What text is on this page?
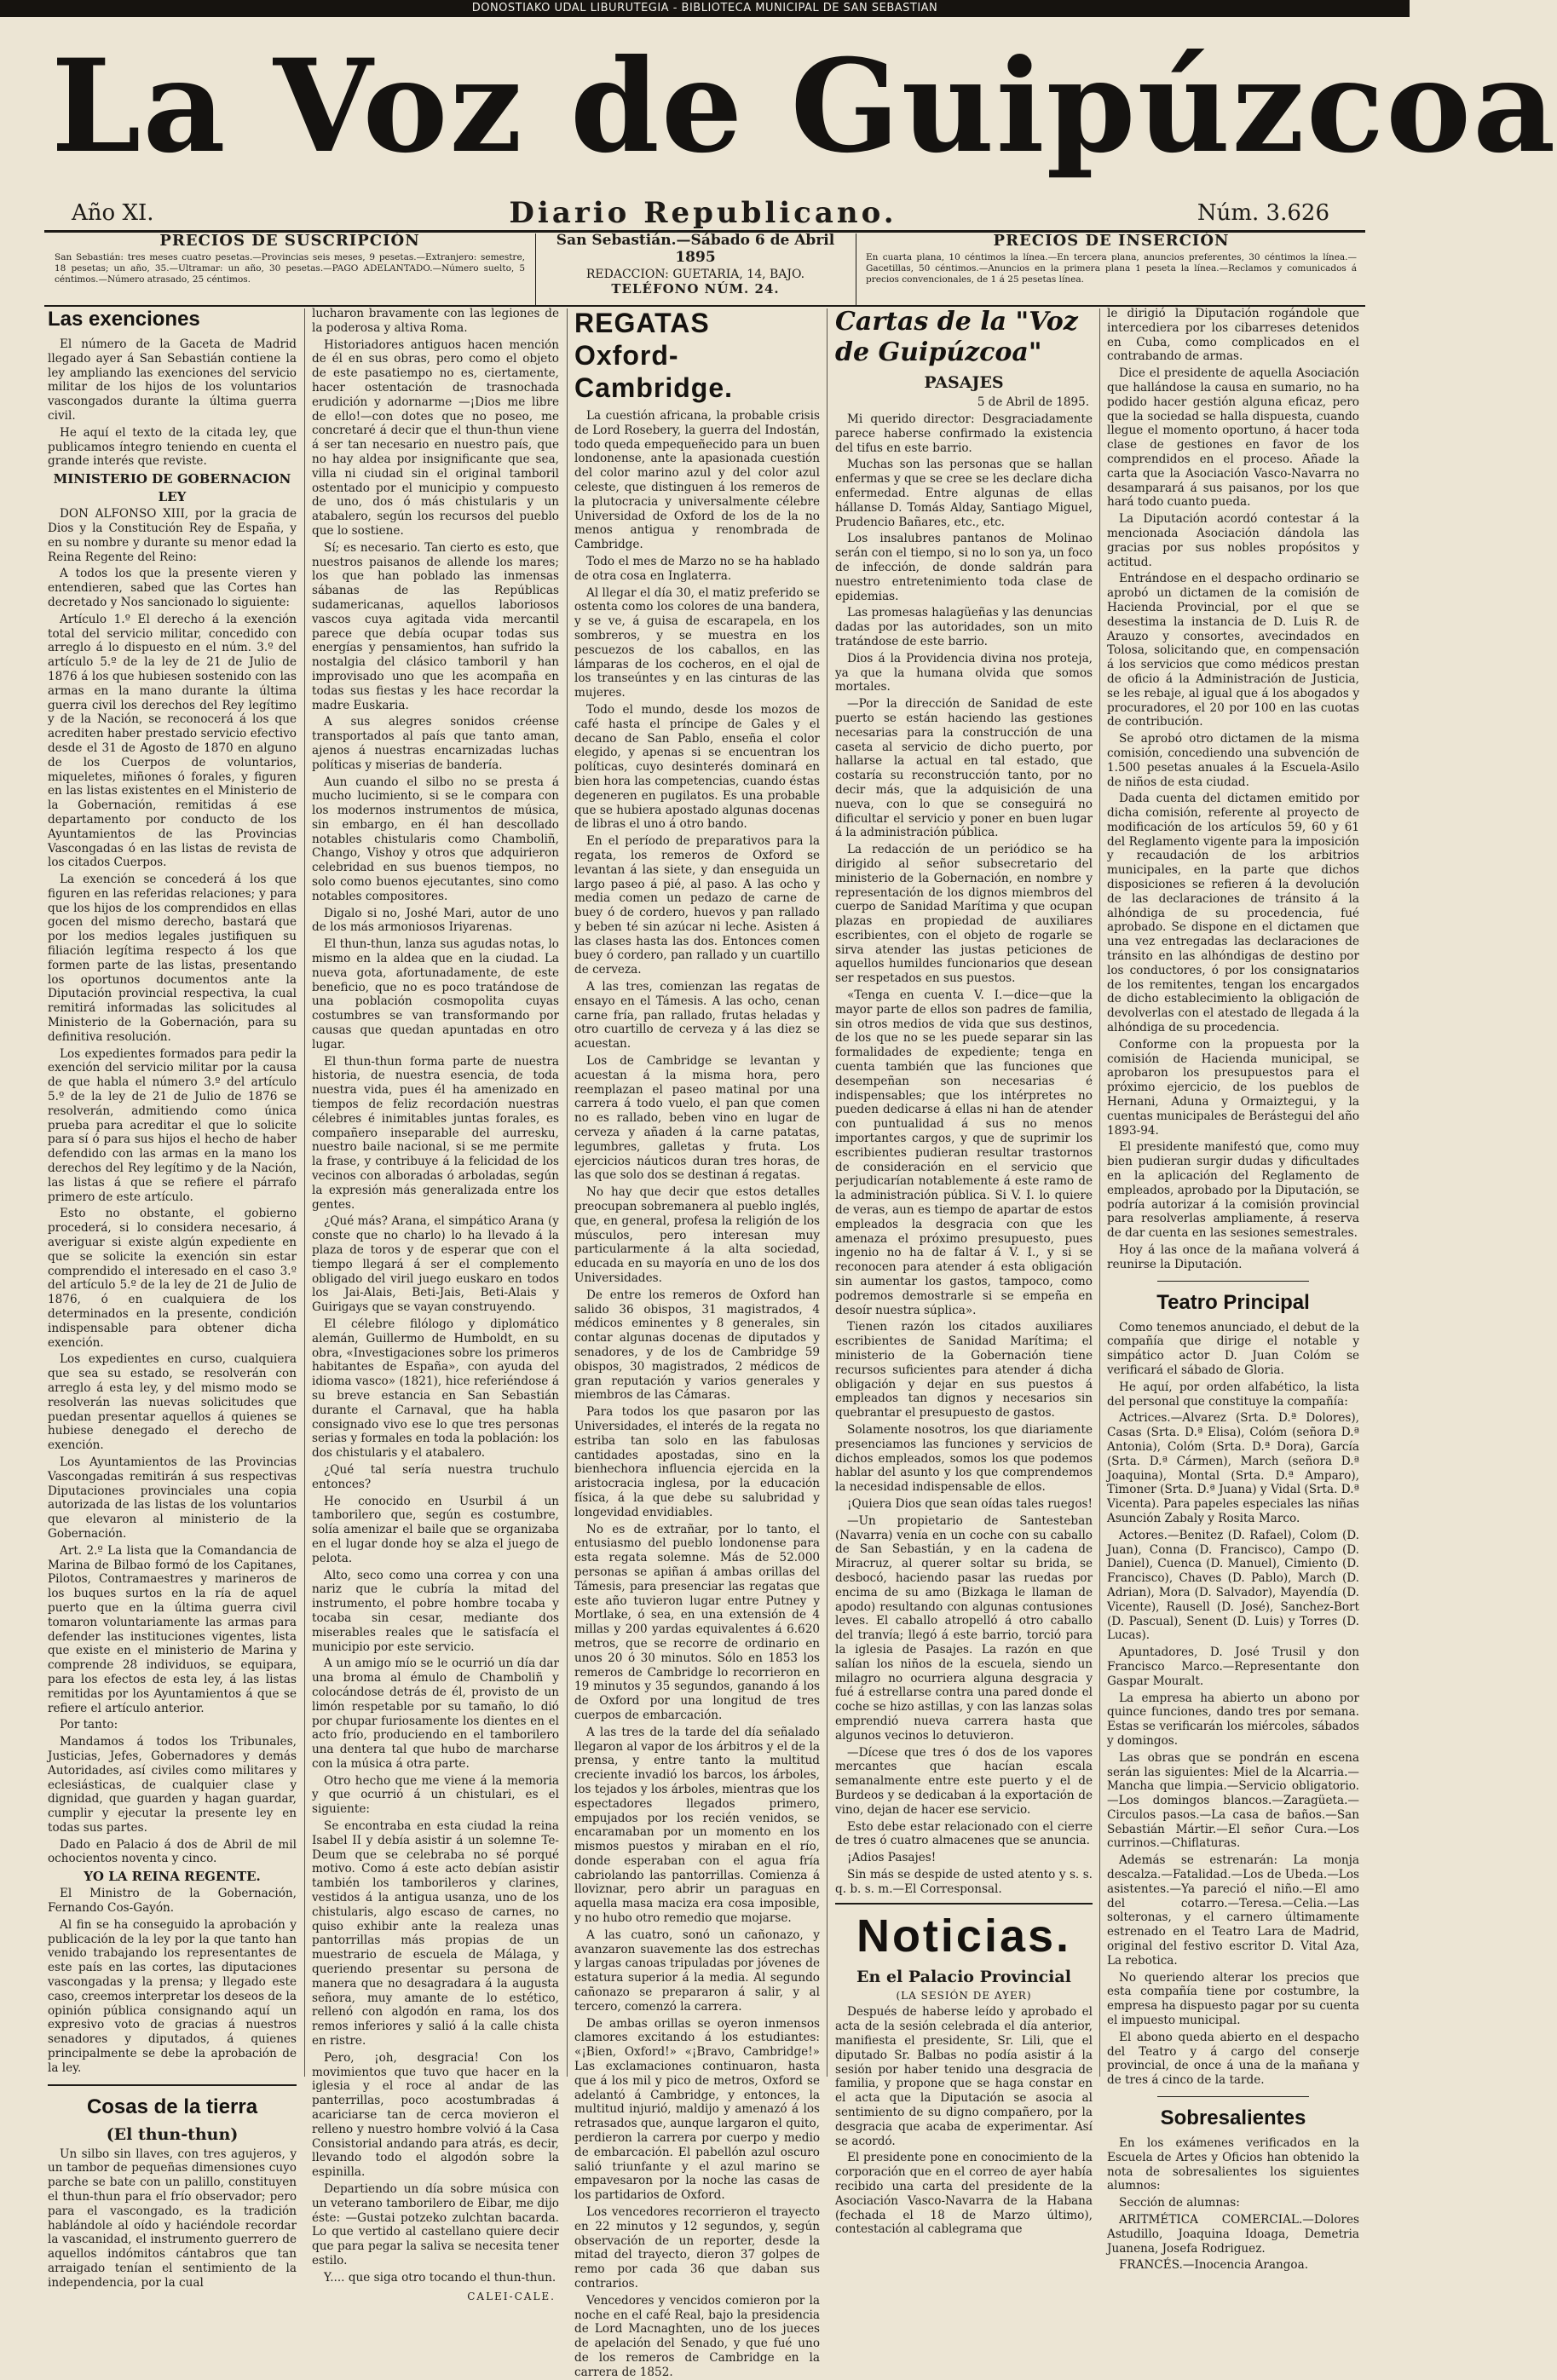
DONOSTIAKO UDAL LIBURUTEGIA - BIBLIOTECA MUNICIPAL DE SAN SEBASTIAN
La Voz de Guipúzcoa
Año XI.	Diario Republicano.	Núm. 3.626
PRECIOS DE SUSCRIPCIÓN
San Sebastián: tres meses cuatro pesetas.—Provincias seis meses, 9 pesetas.—Extranjero: semestre, 18 pesetas; un año, 35.—Ultramar: un año, 30 pesetas.—PAGO ADELANTADO.—Número suelto, 5 céntimos.—Número atrasado, 25 céntimos.
San Sebastián.—Sábado 6 de Abril 1895
REDACCION: GUETARIA, 14, BAJO.
TELÉFONO NÚM. 24.
PRECIOS DE INSERCIÓN
En cuarta plana, 10 céntimos la línea.—En tercera plana, anuncios preferentes, 30 céntimos la línea.—Gacetillas, 50 céntimos.—Anuncios en la primera plana 1 peseta la línea.—Reclamos y comunicados á precios convencionales, de 1 á 25 pesetas línea.
Las exenciones

El número de la Gaceta de Madrid llegado ayer á San Sebastián contiene la ley ampliando las exenciones del servicio militar de los hijos de los voluntarios vascongados durante la última guerra civil.

He aquí el texto de la citada ley, que publicamos íntegro teniendo en cuenta el grande interés que reviste.

MINISTERIO DE GOBERNACION
LEY

DON ALFONSO XIII, por la gracia de Dios y la Constitución Rey de España, y en su nombre y durante su menor edad la Reina Regente del Reino:

A todos los que la presente vieren y entendieren, sabed que las Cortes han decretado y Nos sancionado lo siguiente:

Artículo 1.º El derecho á la exención total del servicio militar, concedido con arreglo á lo dispuesto en el núm. 3.º del artículo 5.º de la ley de 21 de Julio de 1876 á los que hubiesen sostenido con las armas en la mano durante la última guerra civil los derechos del Rey legítimo y de la Nación, se reconocerá á los que acrediten haber prestado servicio efectivo desde el 31 de Agosto de 1870 en alguno de los Cuerpos de voluntarios, miqueletes, miñones ó forales, y figuren en las listas existentes en el Ministerio de la Gobernación, remitidas á ese departamento por conducto de los Ayuntamientos de las Provincias Vascongadas ó en las listas de revista de los citados Cuerpos.

La exención se concederá á los que figuren en las referidas relaciones; y para que los hijos de los comprendidos en ellas gocen del mismo derecho, bastará que por los medios legales justifiquen su filiación legítima respecto á los que formen parte de las listas, presentando los oportunos documentos ante la Diputación provincial respectiva, la cual remitirá informadas las solicitudes al Ministerio de la Gobernación, para su definitiva resolución.

Los expedientes formados para pedir la exención del servicio militar por la causa de que habla el número 3.º del artículo 5.º de la ley de 21 de Julio de 1876 se resolverán, admitiendo como única prueba para acreditar el que lo solicite para sí ó para sus hijos el hecho de haber defendido con las armas en la mano los derechos del Rey legítimo y de la Nación, las listas á que se refiere el párrafo primero de este artículo.

Esto no obstante, el gobierno procederá, si lo considera necesario, á averiguar si existe algún expediente en que se solicite la exención sin estar comprendido el interesado en el caso 3.º del artículo 5.º de la ley de 21 de Julio de 1876, ó en cualquiera de los determinados en la presente, condición indispensable para obtener dicha exención.

Los expedientes en curso, cualquiera que sea su estado, se resolverán con arreglo á esta ley, y del mismo modo se resolverán las nuevas solicitudes que puedan presentar aquellos á quienes se hubiese denegado el derecho de exención.

Los Ayuntamientos de las Provincias Vascongadas remitirán á sus respectivas Diputaciones provinciales una copia autorizada de las listas de los voluntarios que elevaron al ministerio de la Gobernación.

Art. 2.º La lista que la Comandancia de Marina de Bilbao formó de los Capitanes, Pilotos, Contramaestres y marineros de los buques surtos en la ría de aquel puerto que en la última guerra civil tomaron voluntariamente las armas para defender las instituciones vigentes, lista que existe en el ministerio de Marina y comprende 28 individuos, se equipara, para los efectos de esta ley, á las listas remitidas por los Ayuntamientos á que se refiere el artículo anterior.

Por tanto:

Mandamos á todos los Tribunales, Justicias, Jefes, Gobernadores y demás Autoridades, así civiles como militares y eclesiásticas, de cualquier clase y dignidad, que guarden y hagan guardar, cumplir y ejecutar la presente ley en todas sus partes.

Dado en Palacio á dos de Abril de mil ochocientos noventa y cinco.

YO LA REINA REGENTE.

El Ministro de la Gobernación, Fernando Cos-Gayón.

Al fin se ha conseguido la aprobación y publicación de la ley por la que tanto han venido trabajando los representantes de este país en las cortes, las diputaciones vascongadas y la prensa; y llegado este caso, creemos interpretar los deseos de la opinión pública consignando aquí un expresivo voto de gracias á nuestros senadores y diputados, á quienes principalmente se debe la aprobación de la ley.

Cosas de la tierra
(El thun-thun)

Un silbo sin llaves, con tres agujeros, y un tambor de pequeñas dimensiones cuyo parche se bate con un palillo, constituyen el thun-thun para el frío observador; pero para el vascongado, es la tradición hablándole al oído y haciéndole recordar la vascanidad, el instrumento guerrero de aquellos indómitos cántabros que tan arraigado tenían el sentimiento de la independencia, por la cual

lucharon bravamente con las legiones de la poderosa y altiva Roma.

Historiadores antiguos hacen mención de él en sus obras, pero como el objeto de este pasatiempo no es, ciertamente, hacer ostentación de trasnochada erudición y adornarme —¡Dios me libre de ello!—con dotes que no poseo, me concretaré á decir que el thun-thun viene á ser tan necesario en nuestro país, que no hay aldea por insignificante que sea, villa ni ciudad sin el original tamboril ostentado por el municipio y compuesto de uno, dos ó más chistularis y un atabalero, según los recursos del pueblo que lo sostiene.

Sí; es necesario. Tan cierto es esto, que nuestros paisanos de allende los mares; los que han poblado las inmensas sábanas de las Repúblicas sudamericanas, aquellos laboriosos vascos cuya agitada vida mercantil parece que debía ocupar todas sus energías y pensamientos, han sufrido la nostalgia del clásico tamboril y han improvisado uno que les acompaña en todas sus fiestas y les hace recordar la madre Euskaria.

A sus alegres sonidos créense transportados al país que tanto aman, ajenos á nuestras encarnizadas luchas políticas y miserias de bandería.

Aun cuando el silbo no se presta á mucho lucimiento, si se le compara con los modernos instrumentos de música, sin embargo, en él han descollado notables chistularis como Chamboliñ, Chango, Vishoy y otros que adquirieron celebridad en sus buenos tiempos, no solo como buenos ejecutantes, sino como notables compositores.

Digalo si no, Joshé Mari, autor de uno de los más armoniosos Iriyarenas.

El thun-thun, lanza sus agudas notas, lo mismo en la aldea que en la ciudad. La nueva gota, afortunadamente, de este beneficio, que no es poco tratándose de una población cosmopolita cuyas costumbres se van transformando por causas que quedan apuntadas en otro lugar.

El thun-thun forma parte de nuestra historia, de nuestra esencia, de toda nuestra vida, pues él ha amenizado en tiempos de feliz recordación nuestras célebres é inimitables juntas forales, es compañero inseparable del aurresku, nuestro baile nacional, si se me permite la frase, y contribuye á la felicidad de los vecinos con alboradas ó arboladas, según la expresión más generalizada entre los gentes.

¿Qué más? Arana, el simpático Arana (y conste que no charlo) lo ha llevado á la plaza de toros y de esperar que con el tiempo llegará á ser el complemento obligado del viril juego euskaro en todos los Jai-Alais, Beti-Jais, Beti-Alais y Guirigays que se vayan construyendo.

El célebre filólogo y diplomático alemán, Guillermo de Humboldt, en su obra, «Investigaciones sobre los primeros habitantes de España», con ayuda del idioma vasco» (1821), hice referiéndose á su breve estancia en San Sebastián durante el Carnaval, que ha habla consignado vivo ese lo que tres personas serias y formales en toda la población: los dos chistularis y el atabalero.

¿Qué tal sería nuestra truchulo entonces?

He conocido en Usurbil á un tamborilero que, según es costumbre, solía amenizar el baile que se organizaba en el lugar donde hoy se alza el juego de pelota.

Alto, seco como una correa y con una nariz que le cubría la mitad del instrumento, el pobre hombre tocaba y tocaba sin cesar, mediante dos miserables reales que le satisfacía el municipio por este servicio.

A un amigo mío se le ocurrió un día dar una broma al émulo de Chamboliñ y colocándose detrás de él, provisto de un limón respetable por su tamaño, lo dió por chupar furiosamente los dientes en el acto frío, produciendo en el tamborilero una dentera tal que hubo de marcharse con la música á otra parte.

Otro hecho que me viene á la memoria y que ocurrió á un chistulari, es el siguiente:

Se encontraba en esta ciudad la reina Isabel II y debía asistir á un solemne Te-Deum que se celebraba no sé porqué motivo. Como á este acto debían asistir también los tamborileros y clarines, vestidos á la antigua usanza, uno de los chistularis, algo escaso de carnes, no quiso exhibir ante la realeza unas pantorrillas más propias de un muestrario de escuela de Málaga, y queriendo presentar su persona de manera que no desagradara á la augusta señora, muy amante de lo estético, rellenó con algodón en rama, los dos remos inferiores y salió á la calle chista en ristre.

Pero, ¡oh, desgracia! Con los movimientos que tuvo que hacer en la iglesia y el roce al andar de las panterrillas, poco acostumbradas á acariciarse tan de cerca movieron el relleno y nuestro hombre volvió á la Casa Consistorial andando para atrás, es decir, llevando todo el algodón sobre la espinilla.

Departiendo un día sobre música con un veterano tamborilero de Eibar, me dijo éste: —Gustai potzeko zulchtan bacarda. Lo que vertido al castellano quiere decir que para pegar la saliva se necesita tener estilo.

Y.... que siga otro tocando el thun-thun.

CALEI-CALE.
REGATAS
Oxford-Cambridge.

La cuestión africana, la probable crisis de Lord Rosebery, la guerra del Indostán, todo queda empequeñecido para un buen londonense, ante la apasionada cuestión del color marino azul y del color azul celeste, que distinguen á los remeros de la plutocracia y universalmente célebre Universidad de Oxford de los de la no menos antigua y renombrada de Cambridge.

Todo el mes de Marzo no se ha hablado de otra cosa en Inglaterra.

Al llegar el día 30, el matiz preferido se ostenta como los colores de una bandera, y se ve, á guisa de escarapela, en los sombreros, y se muestra en los pescuezos de los caballos, en las lámparas de los cocheros, en el ojal de los transeúntes y en las cinturas de las mujeres.

Todo el mundo, desde los mozos de café hasta el príncipe de Gales y el decano de San Pablo, enseña el color elegido, y apenas si se encuentran los políticas, cuyo desinterés dominará en bien hora las competencias, cuando éstas degeneren en pugilatos. Es una probable que se hubiera apostado algunas docenas de libras el uno á otro bando.

En el período de preparativos para la regata, los remeros de Oxford se levantan á las siete, y dan enseguida un largo paseo á pié, al paso. A las ocho y media comen un pedazo de carne de buey ó de cordero, huevos y pan rallado y beben té sin azúcar ni leche. Asisten á las clases hasta las dos. Entonces comen buey ó cordero, pan rallado y un cuartillo de cerveza.

A las tres, comienzan las regatas de ensayo en el Támesis. A las ocho, cenan carne fría, pan rallado, frutas heladas y otro cuartillo de cerveza y á las diez se acuestan.

Los de Cambridge se levantan y acuestan á la misma hora, pero reemplazan el paseo matinal por una carrera á todo vuelo, el pan que comen no es rallado, beben vino en lugar de cerveza y añaden á la carne patatas, legumbres, galletas y fruta. Los ejercicios náuticos duran tres horas, de las que solo dos se destinan á regatas.

No hay que decir que estos detalles preocupan sobremanera al pueblo inglés, que, en general, profesa la religión de los músculos, pero interesan muy particularmente á la alta sociedad, educada en su mayoría en uno de los dos Universidades.

De entre los remeros de Oxford han salido 36 obispos, 31 magistrados, 4 médicos eminentes y 8 generales, sin contar algunas docenas de diputados y senadores, y de los de Cambridge 59 obispos, 30 magistrados, 2 médicos de gran reputación y varios generales y miembros de las Cámaras.

Para todos los que pasaron por las Universidades, el interés de la regata no estriba tan solo en las fabulosas cantidades apostadas, sino en la bienhechora influencia ejercida en la aristocracia inglesa, por la educación física, á la que debe su salubridad y longevidad envidiables.

No es de extrañar, por lo tanto, el entusiasmo del pueblo londonense para esta regata solemne. Más de 52.000 personas se apiñan á ambas orillas del Támesis, para presenciar las regatas que este año tuvieron lugar entre Putney y Mortlake, ó sea, en una extensión de 4 millas y 200 yardas equivalentes á 6.620 metros, que se recorre de ordinario en unos 20 ó 30 minutos. Sólo en 1853 los remeros de Cambridge lo recorrieron en 19 minutos y 35 segundos, ganando á los de Oxford por una longitud de tres cuerpos de embarcación.

A las tres de la tarde del día señalado llegaron al vapor de los árbitros y el de la prensa, y entre tanto la multitud creciente invadió los barcos, los árboles, los tejados y los árboles, mientras que los espectadores llegados primero, empujados por los recién venidos, se encaramaban por un momento en los mismos puestos y miraban en el río, donde esperaban con el agua fría cabriolando las pantorrillas. Comienza á lloviznar, pero abrir un paraguas en aquella masa maciza era cosa imposible, y no hubo otro remedio que mojarse.

A las cuatro, sonó un cañonazo, y avanzaron suavemente las dos estrechas y largas canoas tripuladas por jóvenes de estatura superior á la media. Al segundo cañonazo se prepararon á salir, y al tercero, comenzó la carrera.

De ambas orillas se oyeron inmensos clamores excitando á los estudiantes: «¡Bien, Oxford!» «¡Bravo, Cambridge!» Las exclamaciones continuaron, hasta que á los mil y pico de metros, Oxford se adelantó á Cambridge, y entonces, la multitud injurió, maldijo y amenazó á los retrasados que, aunque largaron el quito, perdieron la carrera por cuerpo y medio de embarcación. El pabellón azul oscuro salió triunfante y el azul marino se empavesaron por la noche las casas de los partidarios de Oxford.

Los vencedores recorrieron el trayecto en 22 minutos y 12 segundos, y, según observación de un reporter, desde la mitad del trayecto, dieron 37 golpes de remo por cada 36 que daban sus contrarios.

Vencedores y vencidos comieron por la noche en el café Real, bajo la presidencia de Lord Macnaghten, uno de los jueces de apelación del Senado, y que fué uno de los remeros de Cambridge en la carrera de 1852.

Cartas de la "Voz de Guipúzcoa"
PASAJES
5 de Abril de 1895.

Mi querido director: Desgraciadamente parece haberse confirmado la existencia del tifus en este barrio.

Muchas son las personas que se hallan enfermas y que se cree se les declare dicha enfermedad. Entre algunas de ellas hállanse D. Tomás Alday, Santiago Miguel, Prudencio Bañares, etc., etc.

Los insalubres pantanos de Molinao serán con el tiempo, si no lo son ya, un foco de infección, de donde saldrán para nuestro entretenimiento toda clase de epidemias.

Las promesas halagüeñas y las denuncias dadas por las autoridades, son un mito tratándose de este barrio.

Dios á la Providencia divina nos proteja, ya que la humana olvida que somos mortales.

—Por la dirección de Sanidad de este puerto se están haciendo las gestiones necesarias para la construcción de una caseta al servicio de dicho puerto, por hallarse la actual en tal estado, que costaría su reconstrucción tanto, por no decir más, que la adquisición de una nueva, con lo que se conseguirá no dificultar el servicio y poner en buen lugar á la administración pública.

La redacción de un periódico se ha dirigido al señor subsecretario del ministerio de la Gobernación, en nombre y representación de los dignos miembros del cuerpo de Sanidad Marítima y que ocupan plazas en propiedad de auxiliares escribientes, con el objeto de rogarle se sirva atender las justas peticiones de aquellos humildes funcionarios que desean ser respetados en sus puestos.

«Tenga en cuenta V. I.—dice—que la mayor parte de ellos son padres de familia, sin otros medios de vida que sus destinos, de los que no se les puede separar sin las formalidades de expediente; tenga en cuenta también que las funciones que desempeñan son necesarias é indispensables; que los intérpretes no pueden dedicarse á ellas ni han de atender con puntualidad á sus no menos importantes cargos, y que de suprimir los escribientes pudieran resultar trastornos de consideración en el servicio que perjudicarían notablemente á este ramo de la administración pública. Si V. I. lo quiere de veras, aun es tiempo de apartar de estos empleados la desgracia con que les amenaza el próximo presupuesto, pues ingenio no ha de faltar á V. I., y si se reconocen para atender á esta obligación sin aumentar los gastos, tampoco, como podremos demostrarle si se empeña en desoír nuestra súplica».

Tienen razón los citados auxiliares escribientes de Sanidad Marítima; el ministerio de la Gobernación tiene recursos suficientes para atender á dicha obligación y dejar en sus puestos á empleados tan dignos y necesarios sin quebrantar el presupuesto de gastos.

Solamente nosotros, los que diariamente presenciamos las funciones y servicios de dichos empleados, somos los que podemos hablar del asunto y los que comprendemos la necesidad indispensable de ellos.

¡Quiera Dios que sean oídas tales ruegos!

—Un propietario de Santesteban (Navarra) venía en un coche con su caballo de San Sebastián, y en la cadena de Miracruz, al querer soltar su brida, se desbocó, haciendo pasar las ruedas por encima de su amo (Bizkaga le llaman de apodo) resultando con algunas contusiones leves. El caballo atropelló á otro caballo del tranvía; llegó á este barrio, torció para la iglesia de Pasajes. La razón en que salían los niños de la escuela, siendo un milagro no ocurriera alguna desgracia y fué á estrellarse contra una pared donde el coche se hizo astillas, y con las lanzas solas emprendió nueva carrera hasta que algunos vecinos lo detuvieron.

—Dícese que tres ó dos de los vapores mercantes que hacían escala semanalmente entre este puerto y el de Burdeos y se dedicaban á la exportación de vino, dejan de hacer ese servicio.

Esto debe estar relacionado con el cierre de tres ó cuatro almacenes que se anuncia.

¡Adios Pasajes!

Sin más se despide de usted atento y s. s. q. b. s. m.—El Corresponsal.

Noticias.
En el Palacio Provincial
(LA SESIÓN DE AYER)

Después de haberse leído y aprobado el acta de la sesión celebrada el día anterior, manifiesta el presidente, Sr. Lili, que el diputado Sr. Balbas no podía asistir á la sesión por haber tenido una desgracia de familia, y propone que se haga constar en el acta que la Diputación se asocia al sentimiento de su digno compañero, por la desgracia que acaba de experimentar. Así se acordó.

El presidente pone en conocimiento de la corporación que en el correo de ayer había recibido una carta del presidente de la Asociación Vasco-Navarra de la Habana (fechada el 18 de Marzo último), contestación al cablegrama que

le dirigió la Diputación rogándole que intercediera por los cibarreses detenidos en Cuba, como complicados en el contrabando de armas.

Dice el presidente de aquella Asociación que hallándose la causa en sumario, no ha podido hacer gestión alguna eficaz, pero que la sociedad se halla dispuesta, cuando llegue el momento oportuno, á hacer toda clase de gestiones en favor de los comprendidos en el proceso. Añade la carta que la Asociación Vasco-Navarra no desamparará á sus paisanos, por los que hará todo cuanto pueda.

La Diputación acordó contestar á la mencionada Asociación dándola las gracias por sus nobles propósitos y actitud.

Entrándose en el despacho ordinario se aprobó un dictamen de la comisión de Hacienda Provincial, por el que se desestima la instancia de D. Luis R. de Arauzo y consortes, avecindados en Tolosa, solicitando que, en compensación á los servicios que como médicos prestan de oficio á la Administración de Justicia, se les rebaje, al igual que á los abogados y procuradores, el 20 por 100 en las cuotas de contribución.

Se aprobó otro dictamen de la misma comisión, concediendo una subvención de 1.500 pesetas anuales á la Escuela-Asilo de niños de esta ciudad.

Dada cuenta del dictamen emitido por dicha comisión, referente al proyecto de modificación de los artículos 59, 60 y 61 del Reglamento vigente para la imposición y recaudación de los arbitrios municipales, en la parte que dichos disposiciones se refieren á la devolución de las declaraciones de tránsito á la alhóndiga de su procedencia, fué aprobado. Se dispone en el dictamen que una vez entregadas las declaraciones de tránsito en las alhóndigas de destino por los conductores, ó por los consignatarios de los remitentes, tengan los encargados de dicho establecimiento la obligación de devolverlas con el atestado de llegada á la alhóndiga de su procedencia.

Conforme con la propuesta por la comisión de Hacienda municipal, se aprobaron los presupuestos para el próximo ejercicio, de los pueblos de Hernani, Aduna y Ormaiztegui, y la cuentas municipales de Berástegui del año 1893-94.

El presidente manifestó que, como muy bien pudieran surgir dudas y dificultades en la aplicación del Reglamento de empleados, aprobado por la Diputación, se podría autorizar á la comisión provincial para resolverlas ampliamente, á reserva de dar cuenta en las sesiones semestrales.

Hoy á las once de la mañana volverá á reunirse la Diputación.

Teatro Principal

Como tenemos anunciado, el debut de la compañía que dirige el notable y simpático actor D. Juan Colóm se verificará el sábado de Gloria.

He aquí, por orden alfabético, la lista del personal que constituye la compañía:

Actrices.—Alvarez (Srta. D.ª Dolores), Casas (Srta. D.ª Elisa), Colóm (señora D.ª Antonia), Colóm (Srta. D.ª Dora), García (Srta. D.ª Cármen), March (señora D.ª Joaquina), Montal (Srta. D.ª Amparo), Timoner (Srta. D.ª Juana) y Vidal (Srta. D.ª Vicenta). Para papeles especiales las niñas Asunción Zabaly y Rosita Marco.

Actores.—Benitez (D. Rafael), Colom (D. Juan), Conna (D. Francisco), Campo (D. Daniel), Cuenca (D. Manuel), Cimiento (D. Francisco), Chaves (D. Pablo), March (D. Adrian), Mora (D. Salvador), Mayendía (D. Vicente), Rausell (D. José), Sanchez-Bort (D. Pascual), Senent (D. Luis) y Torres (D. Lucas).

Apuntadores, D. José Trusil y don Francisco Marco.—Representante don Gaspar Mouralt.

La empresa ha abierto un abono por quince funciones, dando tres por semana. Estas se verificarán los miércoles, sábados y domingos.

Las obras que se pondrán en escena serán las siguientes: Miel de la Alcarria.—Mancha que limpia.—Servicio obligatorio.—Los domingos blancos.—Zaragüeta.—Circulos pasos.—La casa de baños.—San Sebastián Mártir.—El señor Cura.—Los currinos.—Chiflaturas.

Además se estrenarán: La monja descalza.—Fatalidad.—Los de Ubeda.—Los asistentes.—Ya pareció el niño.—El amo del cotarro.—Teresa.—Celia.—Las solteronas, y el carnero últimamente estrenado en el Teatro Lara de Madrid, original del festivo escritor D. Vital Aza, La rebotica.

No queriendo alterar los precios que esta compañía tiene por costumbre, la empresa ha dispuesto pagar por su cuenta el impuesto municipal.

El abono queda abierto en el despacho del Teatro y á cargo del conserje provincial, de once á una de la mañana y de tres á cinco de la tarde.

Sobresalientes

En los exámenes verificados en la Escuela de Artes y Oficios han obtenido la nota de sobresalientes los siguientes alumnos:

Sección de alumnas:

ARITMÉTICA COMERCIAL.—Dolores Astudillo, Joaquina Idoaga, Demetria Juanena, Josefa Rodriguez.

FRANCÉS.—Inocencia Arangoa.
